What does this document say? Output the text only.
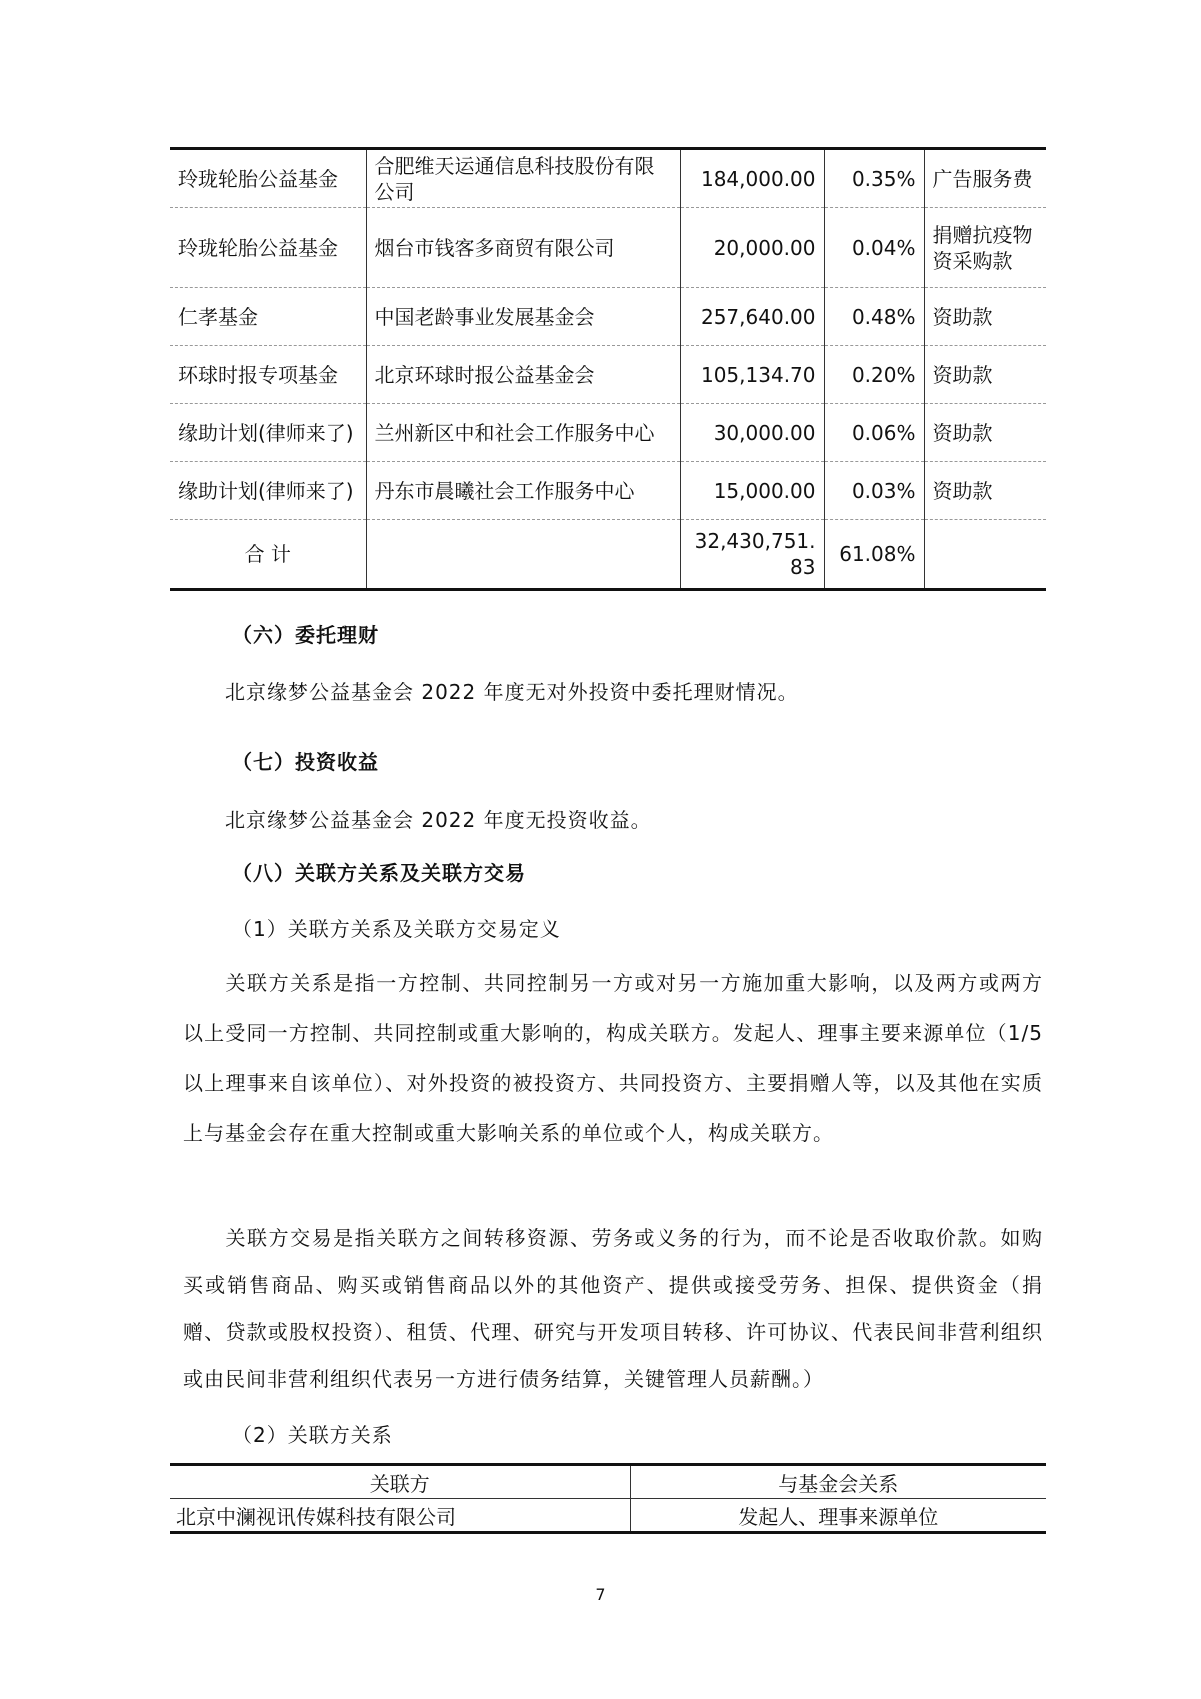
玲珑轮胎公益基金	合肥维天运通信息科技股份有限公司	184,000.00	0.35%	广告服务费
玲珑轮胎公益基金	烟台市钱客多商贸有限公司	20,000.00	0.04%	捐赠抗疫物资采购款
仁孝基金	中国老龄事业发展基金会	257,640.00	0.48%	资助款
环球时报专项基金	北京环球时报公益基金会	105,134.70	0.20%	资助款
缘助计划(律师来了)	兰州新区中和社会工作服务中心	30,000.00	0.06%	资助款
缘助计划(律师来了)	丹东市晨曦社会工作服务中心	15,000.00	0.03%	资助款
合 计		32,430,751.83	61.08%	
（六）委托理财
北京缘梦公益基金会 2022 年度无对外投资中委托理财情况。
（七）投资收益
北京缘梦公益基金会 2022 年度无投资收益。
（八）关联方关系及关联方交易
（1）关联方关系及关联方交易定义
关联方关系是指一方控制、共同控制另一方或对另一方施加重大影响，以及两方或两方以上受同一方控制、共同控制或重大影响的，构成关联方。发起人、理事主要来源单位（1/5 以上理事来自该单位）、对外投资的被投资方、共同投资方、主要捐赠人等，以及其他在实质上与基金会存在重大控制或重大影响关系的单位或个人，构成关联方。
关联方交易是指关联方之间转移资源、劳务或义务的行为，而不论是否收取价款。如购买或销售商品、购买或销售商品以外的其他资产、提供或接受劳务、担保、提供资金（捐赠、贷款或股权投资）、租赁、代理、研究与开发项目转移、许可协议、代表民间非营利组织或由民间非营利组织代表另一方进行债务结算，关键管理人员薪酬。）
（2）关联方关系
关联方	与基金会关系
北京中澜视讯传媒科技有限公司	发起人、理事来源单位
7
